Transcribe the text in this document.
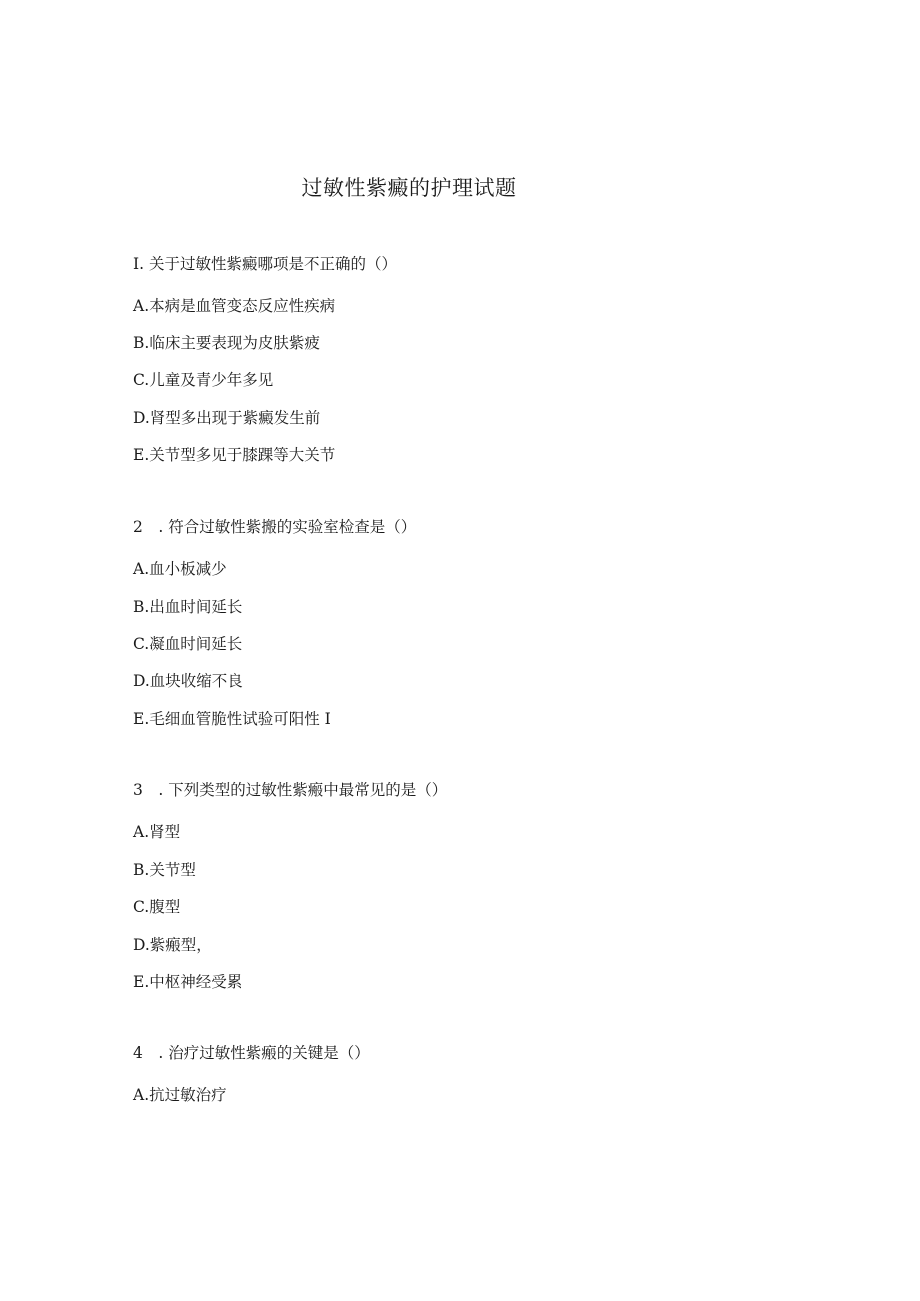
过敏性紫癜的护理试题
I. 关于过敏性紫癜哪项是不正确的（）
A.本病是血管变态反应性疾病
B.临床主要表现为皮肤紫疲
C.儿童及青少年多见
D.肾型多出现于紫癜发生前
E.关节型多见于膝踝等大关节
2　. 符合过敏性紫搬的实验室检查是（）
A.血小板减少
B.出血时间延长
C.凝血时间延长
D.血块收缩不良
E.毛细血管脆性试验可阳性 I
3　. 下列类型的过敏性紫瘢中最常见的是（）
A.肾型
B.关节型
C.腹型
D.紫瘢型，
E.中枢神经受累
4　. 治疗过敏性紫瘢的关键是（）
A.抗过敏治疗
